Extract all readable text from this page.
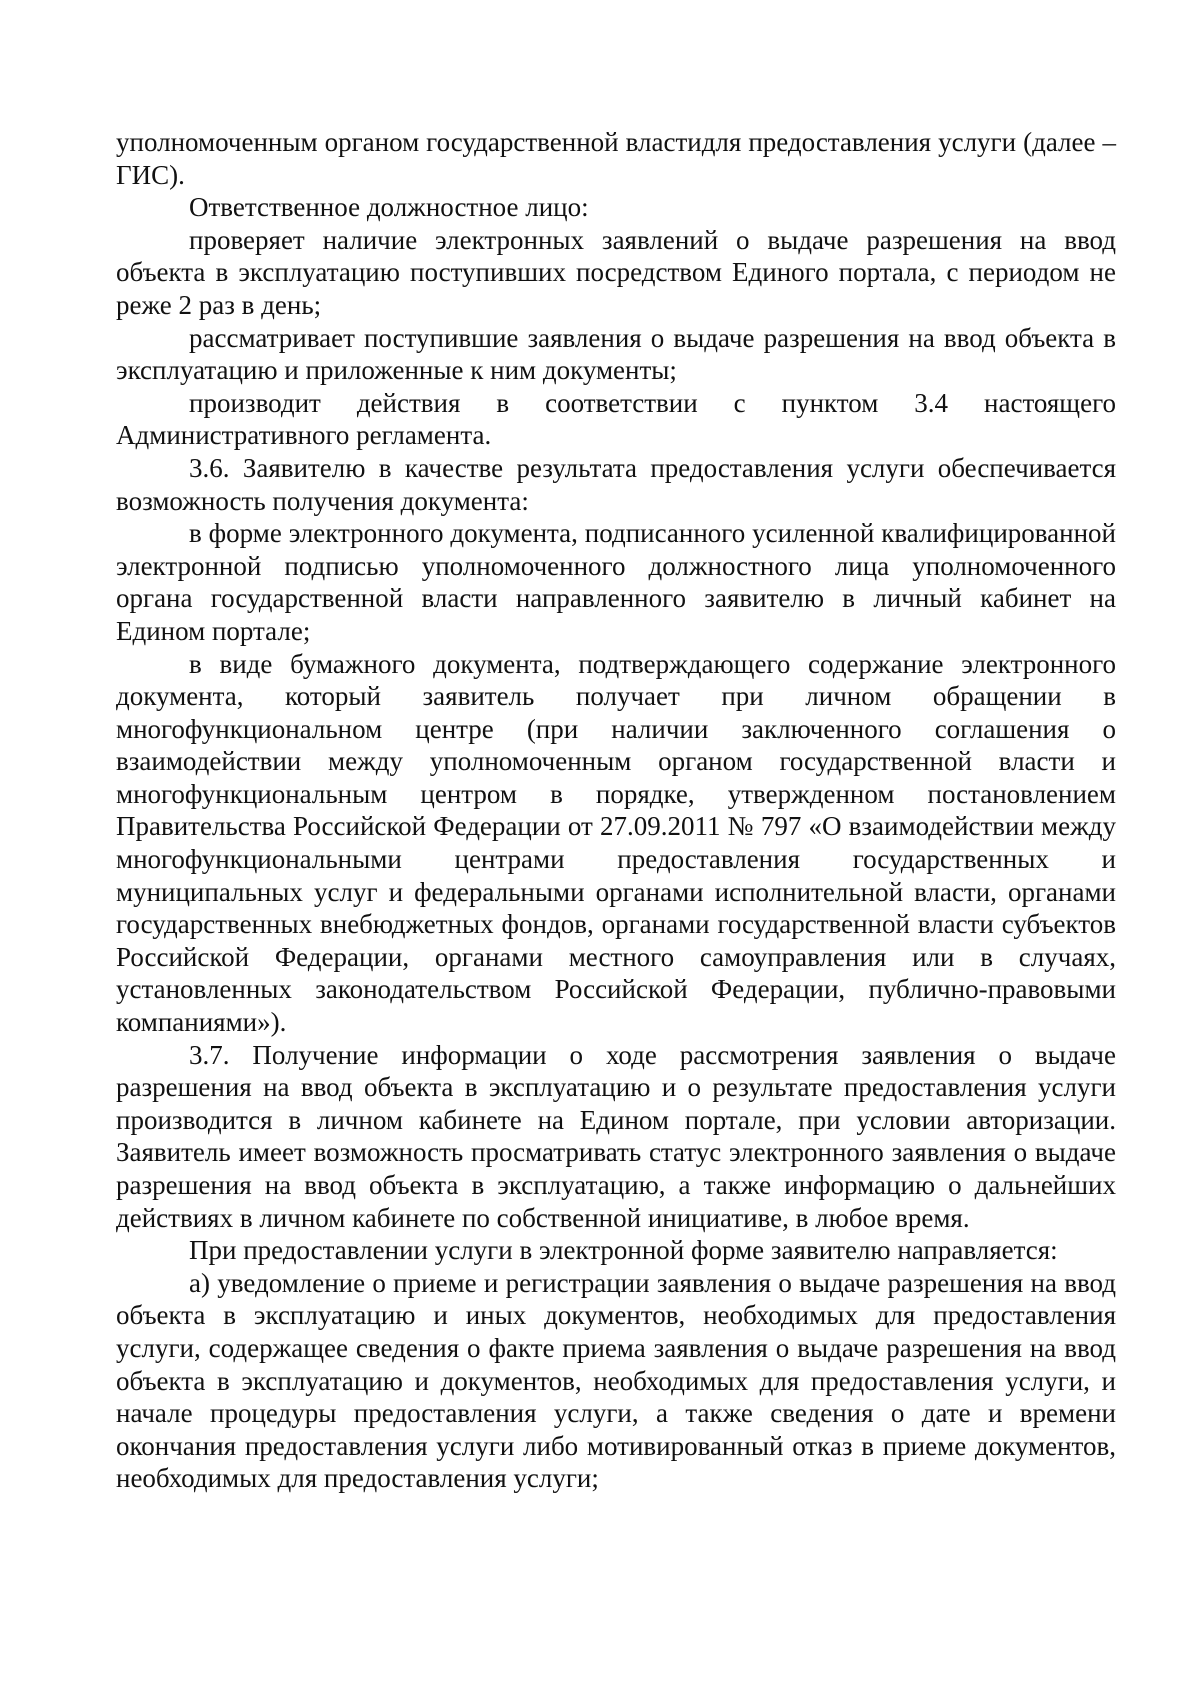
уполномоченным органом государственной властидля предоставления услуги (далее – ГИС).

Ответственное должностное лицо:

проверяет наличие электронных заявлений о выдаче разрешения на ввод объекта в эксплуатацию поступивших посредством Единого портала, с периодом не реже 2 раз в день;

рассматривает поступившие заявления о выдаче разрешения на ввод объекта в эксплуатацию и приложенные к ним документы;

производит действия в соответствии с пунктом 3.4 настоящего Административного регламента.

3.6. Заявителю в качестве результата предоставления услуги обеспечивается возможность получения документа:

в форме электронного документа, подписанного усиленной квалифицированной электронной подписью уполномоченного должностного лица уполномоченного органа государственной власти направленного заявителю в личный кабинет на Едином портале;

в виде бумажного документа, подтверждающего содержание электронного документа, который заявитель получает при личном обращении в многофункциональном центре (при наличии заключенного соглашения о взаимодействии между уполномоченным органом государственной власти и многофункциональным центром в порядке, утвержденном постановлением Правительства Российской Федерации от 27.09.2011 № 797 «О взаимодействии между многофункциональными центрами предоставления государственных и муниципальных услуг и федеральными органами исполнительной власти, органами государственных внебюджетных фондов, органами государственной власти субъектов Российской Федерации, органами местного самоуправления или в случаях, установленных законодательством Российской Федерации, публично-правовыми компаниями»).

3.7. Получение информации о ходе рассмотрения заявления о выдаче разрешения на ввод объекта в эксплуатацию и о результате предоставления услуги производится в личном кабинете на Едином портале, при условии авторизации. Заявитель имеет возможность просматривать статус электронного заявления о выдаче разрешения на ввод объекта в эксплуатацию, а также информацию о дальнейших действиях в личном кабинете по собственной инициативе, в любое время.

При предоставлении услуги в электронной форме заявителю направляется:

а) уведомление о приеме и регистрации заявления о выдаче разрешения на ввод объекта в эксплуатацию и иных документов, необходимых для предоставления услуги, содержащее сведения о факте приема заявления о выдаче разрешения на ввод объекта в эксплуатацию и документов, необходимых для предоставления услуги, и начале процедуры предоставления услуги, а также сведения о дате и времени окончания предоставления услуги либо мотивированный отказ в приеме документов, необходимых для предоставления услуги;
